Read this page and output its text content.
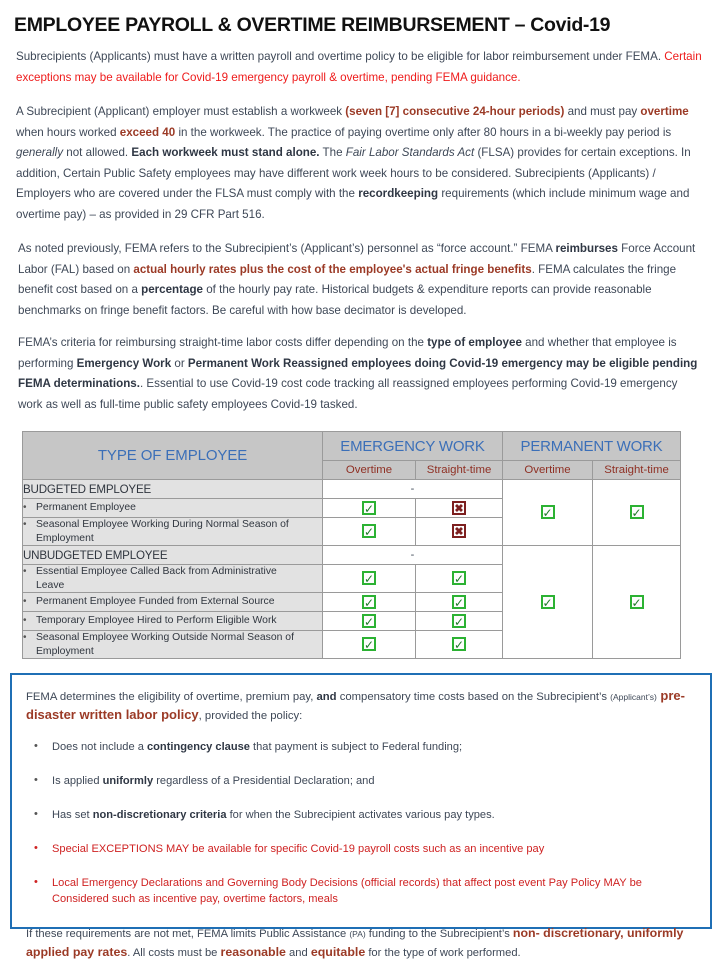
EMPLOYEE PAYROLL & OVERTIME REIMBURSEMENT – Covid-19

Subrecipients (Applicants) must have a written payroll and overtime policy to be eligible for labor reimbursement under FEMA. Certain exceptions may be available for Covid-19 emergency payroll & overtime, pending FEMA guidance.

A Subrecipient (Applicant) employer must establish a workweek (seven [7] consecutive 24-hour periods) and must pay overtime when hours worked exceed 40 in the workweek. The practice of paying overtime only after 80 hours in a bi-weekly pay period is generally not allowed. Each workweek must stand alone. The Fair Labor Standards Act (FLSA) provides for certain exceptions. In addition, Certain Public Safety employees may have different work week hours to be considered. Subrecipients (Applicants) / Employers who are covered under the FLSA must comply with the recordkeeping requirements (which include minimum wage and overtime pay) – as provided in 29 CFR Part 516.

As noted previously, FEMA refers to the Subrecipient’s (Applicant’s) personnel as “force account.” FEMA reimburses Force Account Labor (FAL) based on actual hourly rates plus the cost of the employee's actual fringe benefits. FEMA calculates the fringe benefit cost based on a percentage of the hourly pay rate. Historical budgets & expenditure reports can provide reasonable benchmarks on fringe benefit factors. Be careful with how base decimator is developed.

FEMA’s criteria for reimbursing straight-time labor costs differ depending on the type of employee and whether that employee is performing Emergency Work or Permanent Work Reassigned employees doing Covid-19 emergency may be eligible pending FEMA determinations.. Essential to use Covid-19 cost code tracking all reassigned employees performing Covid-19 emergency work as well as full-time public safety employees Covid-19 tasked.

TYPE OF EMPLOYEE	EMERGENCY WORK		PERMANENT WORK	
	Overtime	Straight-time	Overtime	Straight-time
BUDGETED EMPLOYEE	-		✓	✓

• Permanent Employee	✓	✖		
• Seasonal Employee Working During Normal Season of Employment	✓	✖		
UNBUDGETED EMPLOYEE	-		✓	✓

• Essential Employee Called Back from Administrative Leave	✓	✓		
• Permanent Employee Funded from External Source	✓	✓		
• Temporary Employee Hired to Perform Eligible Work	✓	✓		
• Seasonal Employee Working Outside Normal Season of Employment	✓	✓		

FEMA determines the eligibility of overtime, premium pay, and compensatory time costs based on the Subrecipient’s (Applicant’s) pre-disaster written labor policy, provided the policy:

• Does not include a contingency clause that payment is subject to Federal funding;
• Is applied uniformly regardless of a Presidential Declaration; and
• Has set non-discretionary criteria for when the Subrecipient activates various pay types.
• Special EXCEPTIONS MAY be available for specific Covid-19 payroll costs such as an incentive pay
• Local Emergency Declarations and Governing Body Decisions (official records) that affect post event Pay Policy MAY be Considered such as incentive pay, overtime factors, meals

If these requirements are not met, FEMA limits Public Assistance (PA) funding to the Subrecipient’s non- discretionary, uniformly applied pay rates. All costs must be reasonable and equitable for the type of work performed.
